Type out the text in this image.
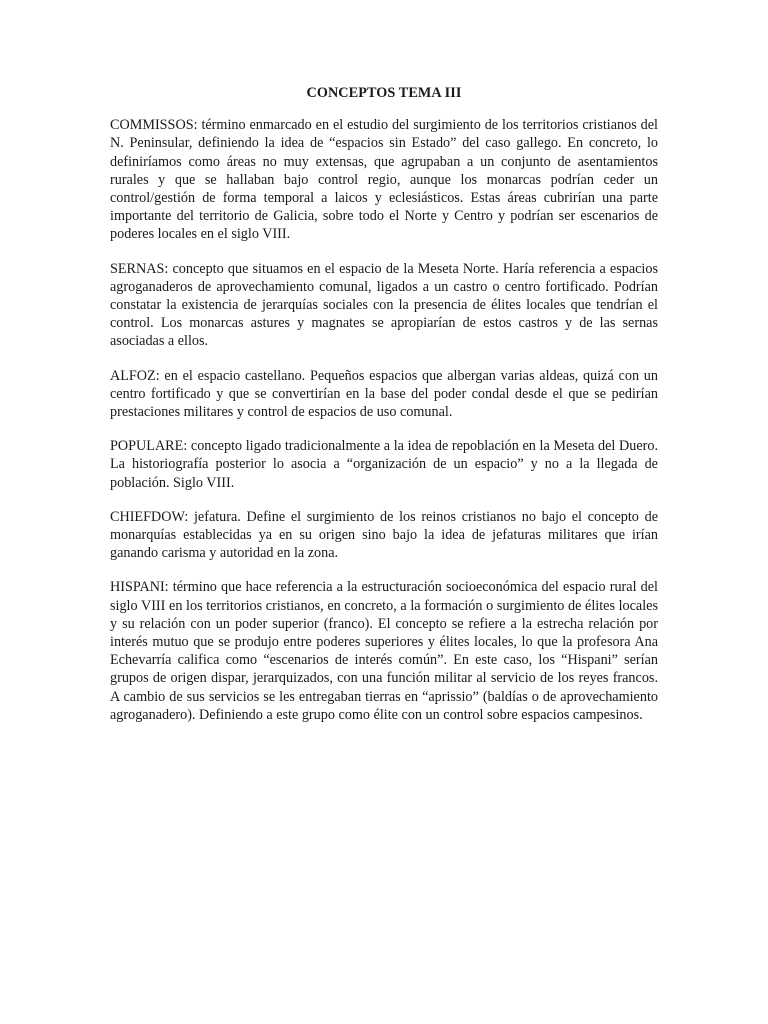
CONCEPTOS TEMA III

COMMISSOS: término enmarcado en el estudio del surgimiento de los territorios cristianos del N. Peninsular, definiendo la idea de “espacios sin Estado” del caso gallego. En concreto, lo definiríamos como áreas no muy extensas, que agrupaban a un conjunto de asentamientos rurales y que se hallaban bajo control regio, aunque los monarcas podrían ceder un control/gestión de forma temporal a laicos y eclesiásticos. Estas áreas cubrirían una parte importante del territorio de Galicia, sobre todo el Norte y Centro y podrían ser escenarios de poderes locales en el siglo VIII.

SERNAS: concepto que situamos en el espacio de la Meseta Norte. Haría referencia a espacios agroganaderos de aprovechamiento comunal, ligados a un castro o centro fortificado. Podrían constatar la existencia de jerarquías sociales con la presencia de élites locales que tendrían el control. Los monarcas astures y magnates se apropiarían de estos castros y de las sernas asociadas a ellos.

ALFOZ: en el espacio castellano. Pequeños espacios que albergan varias aldeas, quizá con un centro fortificado y que se convertirían en la base del poder condal desde el que se pedirían prestaciones militares y control de espacios de uso comunal.

POPULARE: concepto ligado tradicionalmente a la idea de repoblación en la Meseta del Duero. La historiografía posterior lo asocia a “organización de un espacio” y no a la llegada de población. Siglo VIII.

CHIEFDOW: jefatura. Define el surgimiento de los reinos cristianos no bajo el concepto de monarquías establecidas ya en su origen sino bajo la idea de jefaturas militares que irían ganando carisma y autoridad en la zona.

HISPANI: término que hace referencia a la estructuración socioeconómica del espacio rural del siglo VIII en los territorios cristianos, en concreto, a la formación o surgimiento de élites locales y su relación con un poder superior (franco). El concepto se refiere a la estrecha relación por interés mutuo que se produjo entre poderes superiores y élites locales, lo que la profesora Ana Echevarría califica como “escenarios de interés común”. En este caso, los “Hispani” serían grupos de origen dispar, jerarquizados, con una función militar al servicio de los reyes francos. A cambio de sus servicios se les entregaban tierras en “aprissio” (baldías o de aprovechamiento agroganadero). Definiendo a este grupo como élite con un control sobre espacios campesinos.
